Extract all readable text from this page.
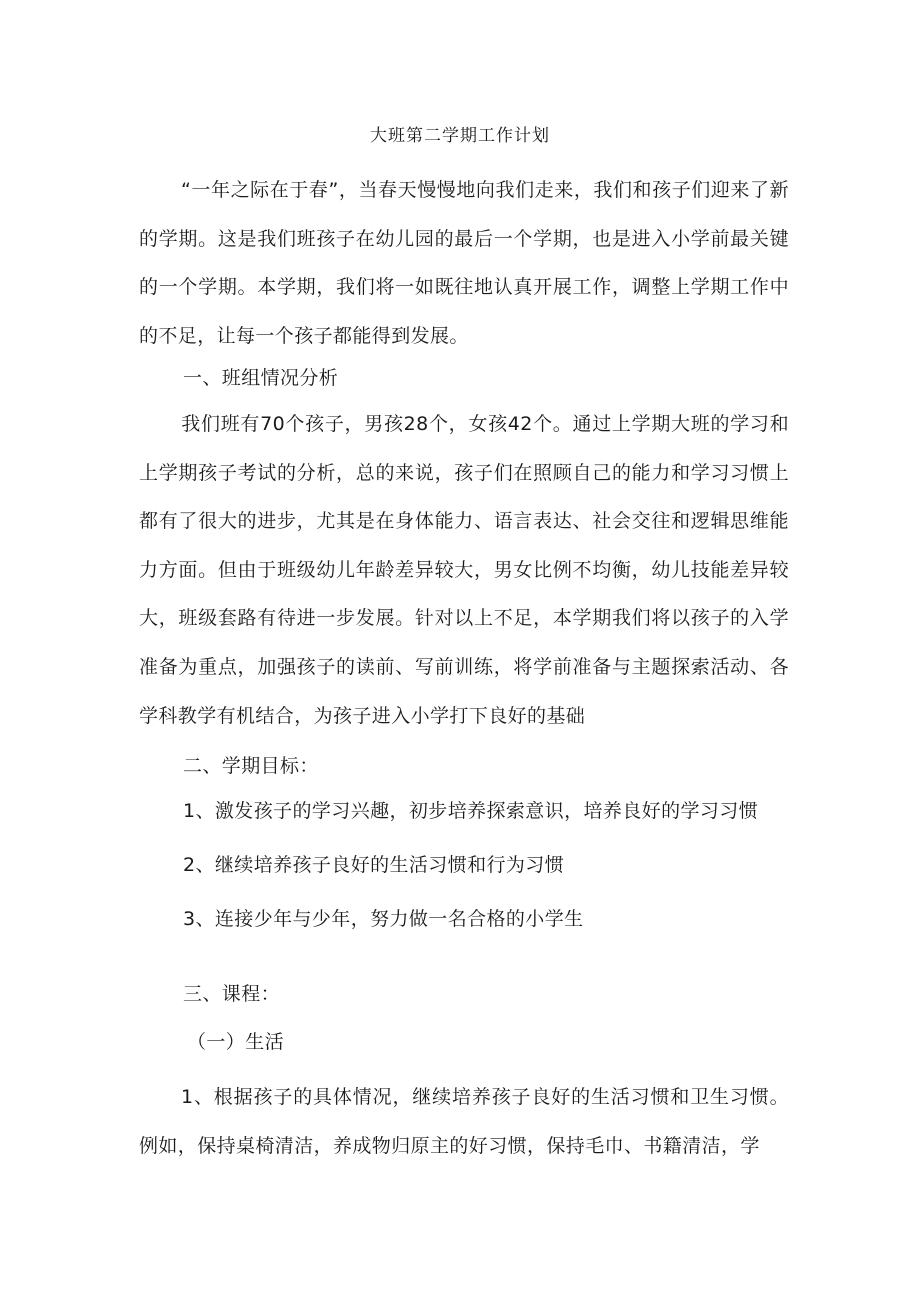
大班第二学期工作计划

“一年之际在于春”，当春天慢慢地向我们走来，我们和孩子们迎来了新的学期。这是我们班孩子在幼儿园的最后一个学期，也是进入小学前最关键的一个学期。本学期，我们将一如既往地认真开展工作，调整上学期工作中的不足，让每一个孩子都能得到发展。

一、班组情况分析

我们班有70个孩子，男孩28个，女孩42个。通过上学期大班的学习和上学期孩子考试的分析，总的来说，孩子们在照顾自己的能力和学习习惯上都有了很大的进步，尤其是在身体能力、语言表达、社会交往和逻辑思维能力方面。但由于班级幼儿年龄差异较大，男女比例不均衡，幼儿技能差异较大，班级套路有待进一步发展。针对以上不足，本学期我们将以孩子的入学准备为重点，加强孩子的读前、写前训练，将学前准备与主题探索活动、各学科教学有机结合，为孩子进入小学打下良好的基础

二、学期目标：
1、激发孩子的学习兴趣，初步培养探索意识，培养良好的学习习惯
2、继续培养孩子良好的生活习惯和行为习惯
3、连接少年与少年，努力做一名合格的小学生
三、课程：
（一）生活

1、根据孩子的具体情况，继续培养孩子良好的生活习惯和卫生习惯。例如，保持桌椅清洁，养成物归原主的好习惯，保持毛巾、书籍清洁，学
